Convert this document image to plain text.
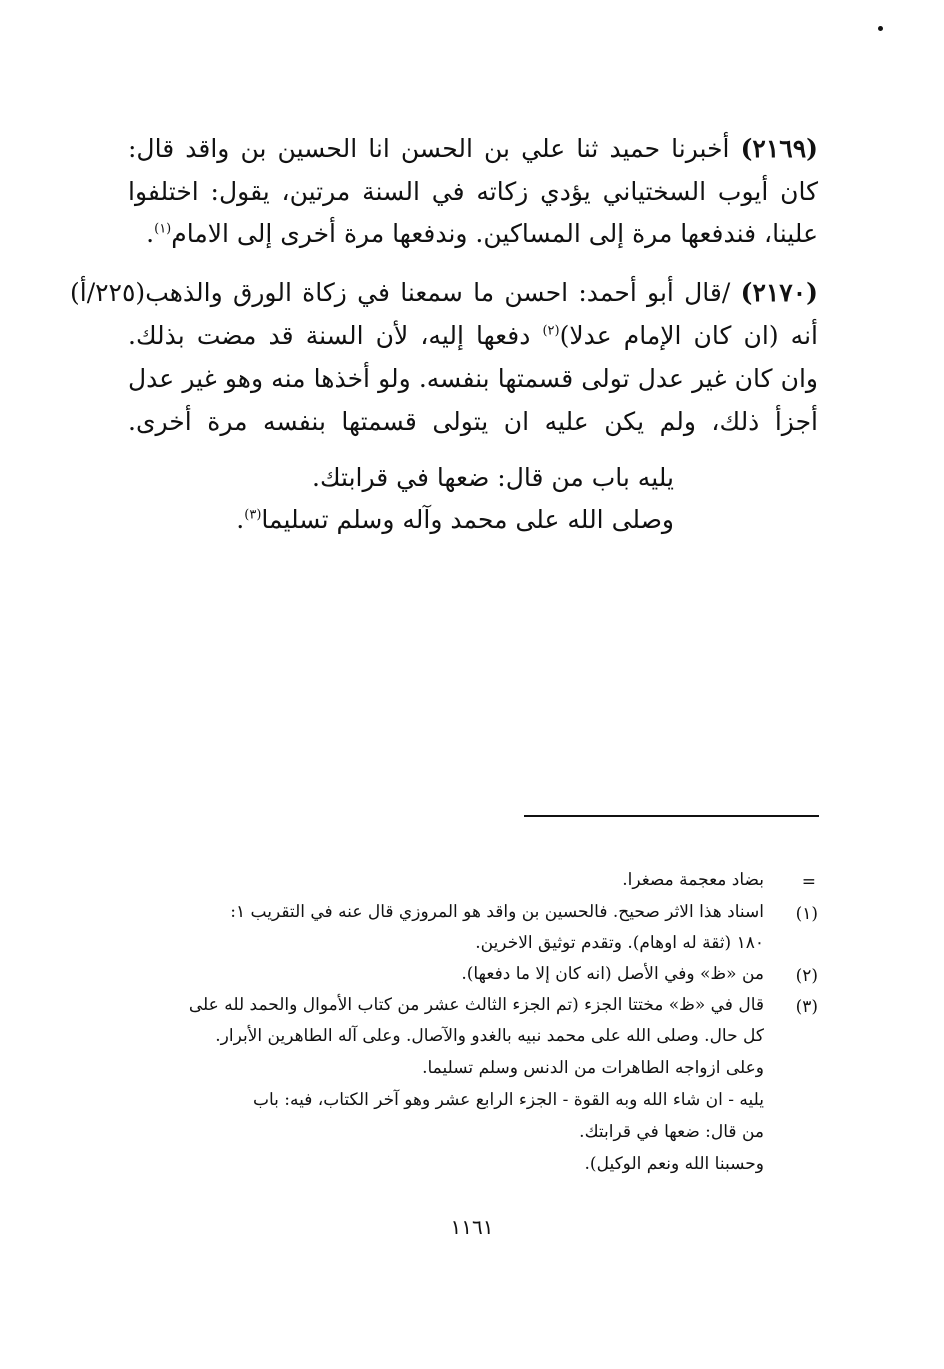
(٢١٦٩) أخبرنا حميد ثنا علي بن الحسن انا الحسين بن واقد قال:
كان أيوب السختياني يؤدي زكاته في السنة مرتين، يقول: اختلفوا
علينا، فندفعها مرة إلى المساكين. وندفعها مرة أخرى إلى الامام$^{(١)}$.
(٢١٧٠) /قال أبو أحمد: احسن ما سمعنا في زكاة الورق والذهب(٢٢٥/أ)
أنه (ان كان الإمام عدلا)$^{(٢)}$ دفعها إليه، لأن السنة قد مضت بذلك.
وان كان غير عدل تولى قسمتها بنفسه. ولو أخذها منه وهو غير عدل
أجزأ ذلك، ولم يكن عليه ان يتولى قسمتها بنفسه مرة أخرى.
يليه باب من قال: ضعها في قرابتك.
وصلى الله على محمد وآله وسلم تسليما$^{(٣)}$.
=
بضاد معجمة مصغرا.
(١)
اسناد هذا الاثر صحيح. فالحسين بن واقد هو المروزي قال عنه في التقريب ١:
١٨٠ (ثقة له اوهام). وتقدم توثيق الاخرين.
(٢)
من «ظ» وفي الأصل (انه كان إلا ما دفعها).
(٣)
قال في «ظ» مختتا الجزء (تم الجزء الثالث عشر من كتاب الأموال والحمد لله على
كل حال. وصلى الله على محمد نبيه بالغدو والآصال. وعلى آله الطاهرين الأبرار.
وعلى ازواجه الطاهرات من الدنس وسلم تسليما.
يليه - ان شاء الله وبه القوة - الجزء الرابع عشر وهو آخر الكتاب، فيه: باب
من قال: ضعها في قرابتك.
وحسبنا الله ونعم الوكيل).
١١٦١
